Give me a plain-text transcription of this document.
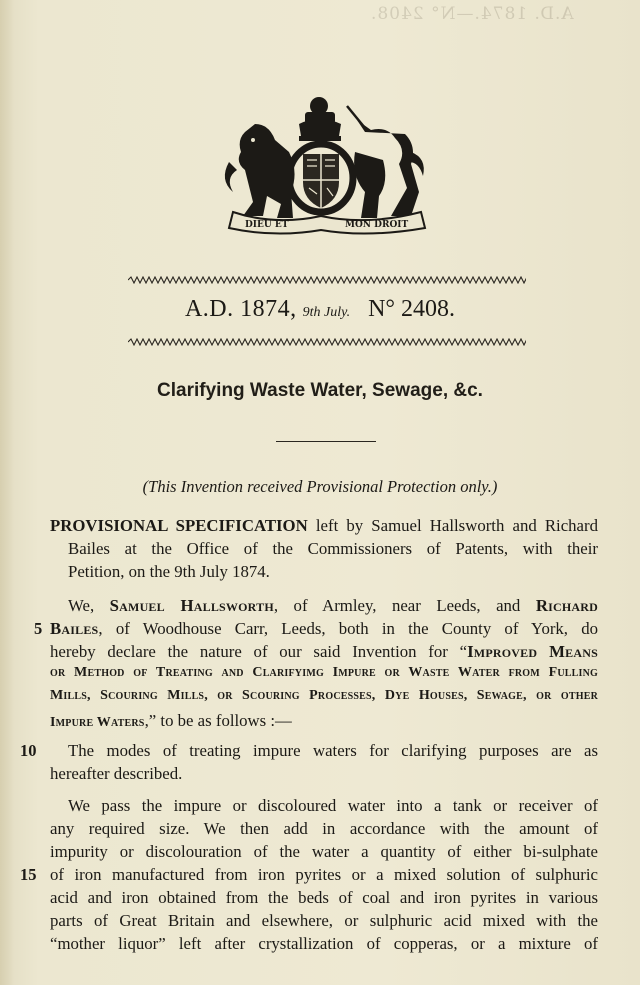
A.D. 1874.—N° 2408.
DIEU ET	MON DROIT
A.D. 1874, 9th July. N° 2408.
Clarifying Waste Water, Sewage, &c.
(This Invention received Provisional Protection only.)
PROVISIONAL SPECIFICATION left by Samuel Hallsworth and Richard
Bailes at the Office of the Commissioners of Patents, with their
Petition, on the 9th July 1874.
We, Samuel Hallsworth, of Armley, near Leeds, and Richard
Bailes, of Woodhouse Carr, Leeds, both in the County of York, do
hereby declare the nature of our said Invention for “Improved Means
or Method of Treating and Clarifyimg Impure or Waste Water from Fulling
Mills, Scouring Mills, or Scouring Processes, Dye Houses, Sewage, or other
Impure Waters,” to be as follows :—
The modes of treating impure waters for clarifying purposes are as
hereafter described.
We pass the impure or discoloured water into a tank or receiver of
any required size. We then add in accordance with the amount of
impurity or discolouration of the water a quantity of either bi-sulphate
of iron manufactured from iron pyrites or a mixed solution of sulphuric
acid and iron obtained from the beds of coal and iron pyrites in various
parts of Great Britain and elsewhere, or sulphuric acid mixed with the
“mother liquor” left after crystallization of copperas, or a mixture of
5
10
15
